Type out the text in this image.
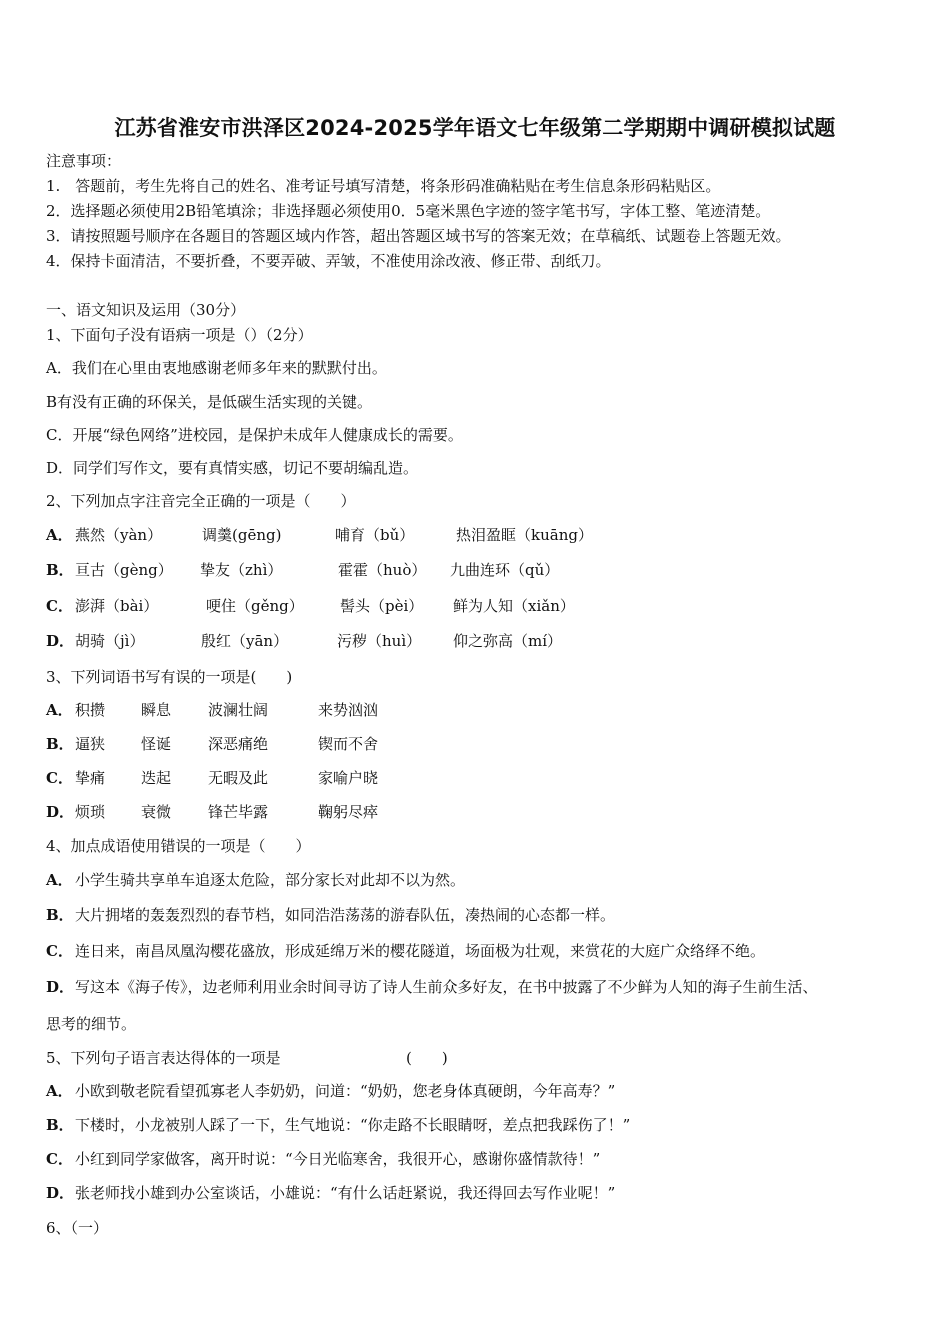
江苏省淮安市洪泽区2024-2025学年语文七年级第二学期期中调研模拟试题
注意事项：
1.　答题前，考生先将自己的姓名、准考证号填写清楚，将条形码准确粘贴在考生信息条形码粘贴区。
2．选择题必须使用2B铅笔填涂；非选择题必须使用0．5毫米黑色字迹的签字笔书写，字体工整、笔迹清楚。
3．请按照题号顺序在各题目的答题区域内作答，超出答题区域书写的答案无效；在草稿纸、试题卷上答题无效。
4．保持卡面清洁，不要折叠，不要弄破、弄皱，不准使用涂改液、修正带、刮纸刀。
一、语文知识及运用（30分）
1、下面句子没有语病一项是（）（2分）
A．我们在心里由衷地感谢老师多年来的默默付出。
B有没有正确的环保关，是低碳生活实现的关键。
C．开展“绿色网络”进校园，是保护未成年人健康成长的需要。
D．同学们写作文，要有真情实感，切记不要胡编乱造。
2、下列加点字注音完全正确的一项是（　　）
A． 燕然（yàn）	调羹(gēng)	哺育（bǔ）	热泪盈眶（kuāng）
B． 亘古（gèng） 挚友（zhì）	霍霍（huò） 九曲连环（qǔ）
C． 澎湃（bài）	哽住（gěng） 髻头（pèi） 鲜为人知（xiǎn）
D． 胡骑（jì）	殷红（yān）	污秽（huì） 仰之弥高（mí）
3、下列词语书写有误的一项是(　　)
A． 积攒 瞬息 波澜壮阔	来势汹汹
B． 逼狭 怪诞 深恶痛绝	锲而不舍
C． 挚痛 迭起 无暇及此	家喻户晓
D． 烦琐 衰微 锋芒毕露	鞠躬尽瘁
4、加点成语使用错误的一项是（　　）
A． 小学生骑共享单车追逐太危险，部分家长对此却不以为然。
B． 大片拥堵的轰轰烈烈的春节档，如同浩浩荡荡的游春队伍，凑热闹的心态都一样。
C． 连日来，南昌凤凰沟樱花盛放，形成延绵万米的樱花隧道，场面极为壮观，来赏花的大庭广众络绎不绝。
D． 写这本《海子传》，边老师利用业余时间寻访了诗人生前众多好友，在书中披露了不少鲜为人知的海子生前生活、
思考的细节。
5、下列句子语言表达得体的一项是	(　　)
A． 小欧到敬老院看望孤寡老人李奶奶，问道：“奶奶，您老身体真硬朗，今年高寿？”
B． 下楼时，小龙被别人踩了一下，生气地说：“你走路不长眼睛呀，差点把我踩伤了！”
C． 小红到同学家做客，离开时说：“今日光临寒舍，我很开心，感谢你盛情款待！”
D． 张老师找小雄到办公室谈话，小雄说：“有什么话赶紧说，我还得回去写作业呢！”
6、（一）
